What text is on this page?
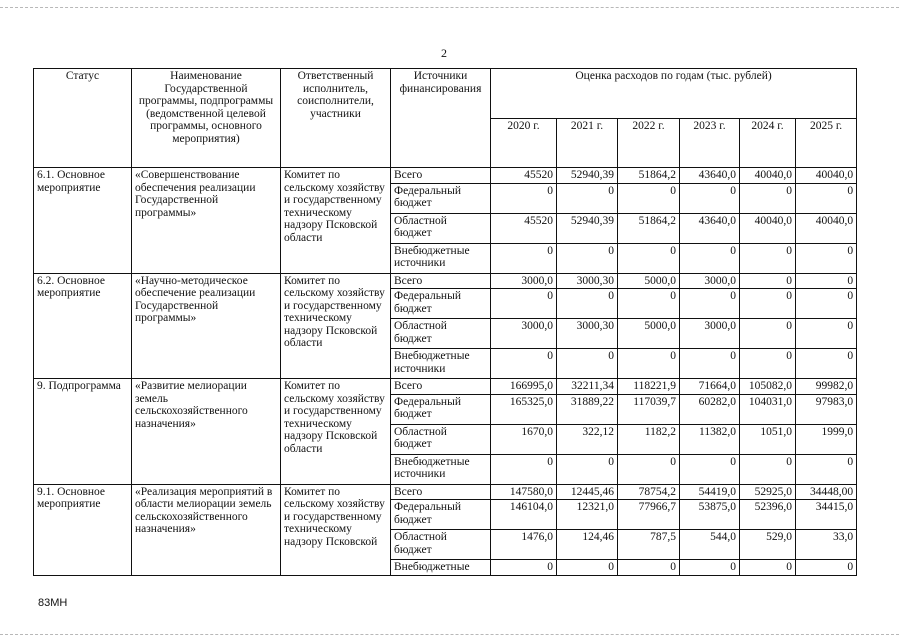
2
Статус	Наименование Государственной программы, подпрограммы (ведомственной целевой программы, основного мероприятия)	Ответственный исполнитель, соисполнители, участники	Источники финансирования	Оценка расходов по годам (тыс. рублей)					
				2020 г.	2021 г.	2022 г.	2023 г.	2024 г.	2025 г.
6.1. Основное мероприятие	«Совершенствование обеспечения реализации Государственной программы»	Комитет по сельскому хозяйству и государственному техническому надзору Псковской области	Всего	45520	52940,39	51864,2	43640,0	40040,0	40040,0

			Федеральный бюджет	0	0	0	0	0	0

			Областной бюджет	45520	52940,39	51864,2	43640,0	40040,0	40040,0

			Внебюджетные источники	0	0	0	0	0	0
6.2. Основное мероприятие	«Научно-методическое обеспечение реализации Государственной программы»	Комитет по сельскому хозяйству и государственному техническому надзору Псковской области	Всего	3000,0	3000,30	5000,0	3000,0	0	0

			Федеральный бюджет	0	0	0	0	0	0

			Областной бюджет	3000,0	3000,30	5000,0	3000,0	0	0

			Внебюджетные источники	0	0	0	0	0	0
9. Подпрограмма	«Развитие мелиорации земель сельскохозяйственного назначения»	Комитет по сельскому хозяйству и государственному техническому надзору Псковской области	Всего	166995,0	32211,34	118221,9	71664,0	105082,0	99982,0

			Федеральный бюджет	165325,0	31889,22	117039,7	60282,0	104031,0	97983,0

			Областной бюджет	1670,0	322,12	1182,2	11382,0	1051,0	1999,0

			Внебюджетные источники	0	0	0	0	0	0
9.1. Основное мероприятие	«Реализация мероприятий в области мелиорации земель сельскохозяйственного назначения»	Комитет по сельскому хозяйству и государственному техническому надзору Псковской	Всего	147580,0	12445,46	78754,2	54419,0	52925,0	34448,00

			Федеральный бюджет	146104,0	12321,0	77966,7	53875,0	52396,0	34415,0

			Областной бюджет	1476,0	124,46	787,5	544,0	529,0	33,0
			Внебюджетные	0	0	0	0	0	0
83МН
